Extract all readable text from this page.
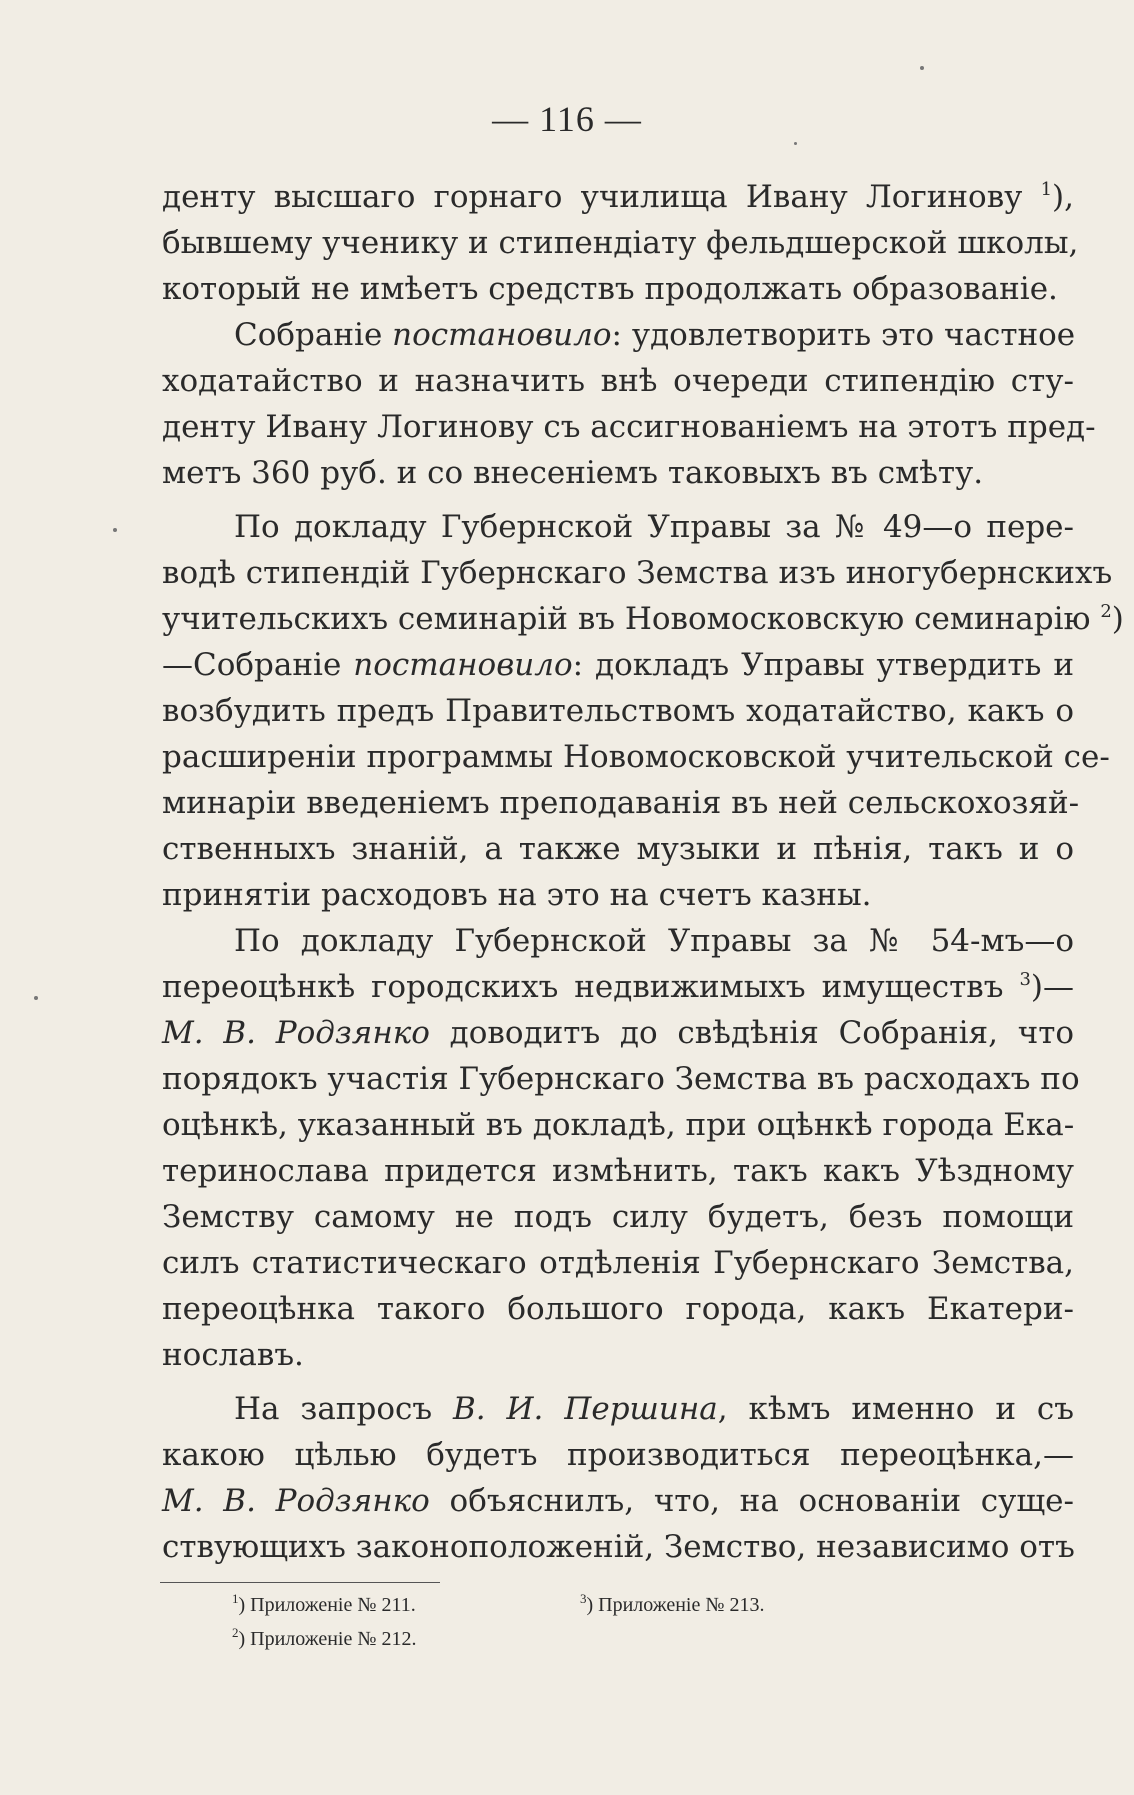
— 116 —
денту высшаго горнаго училища Ивану Логинову $^1$),
бывшему ученику и стипендіату фельдшерской школы,
который не имѣетъ средствъ продолжать образованіе.
Собраніе постановило: удовлетворить это частное
ходатайство и назначить внѣ очереди стипендію сту-
денту Ивану Логинову съ ассигнованіемъ на этотъ пред-
метъ 360 руб. и со внесеніемъ таковыхъ въ смѣту.
По докладу Губернской Управы за № 49—о пере-
водѣ стипендій Губернскаго Земства изъ иногубернскихъ
учительскихъ семинарій въ Новомосковскую семинарію $^2$)
—Собраніе постановило: докладъ Управы утвердить и
возбудить предъ Правительствомъ ходатайство, какъ о
расширеніи программы Новомосковской учительской се-
минаріи введеніемъ преподаванія въ ней сельскохозяй-
ственныхъ знаній, а также музыки и пѣнія, такъ и о
принятіи расходовъ на это на счетъ казны.
По докладу Губернской Управы за № 54-мъ—о
переоцѣнкѣ городскихъ недвижимыхъ имуществъ $^3$)—
М. В. Родзянко доводитъ до свѣдѣнія Собранія, что
порядокъ участія Губернскаго Земства въ расходахъ по
оцѣнкѣ, указанный въ докладѣ, при оцѣнкѣ города Ека-
теринослава придется измѣнить, такъ какъ Уѣздному
Земству самому не подъ силу будетъ, безъ помощи
силъ статистическаго отдѣленія Губернскаго Земства,
переоцѣнка такого большого города, какъ Екатери-
нославъ.
На запросъ В. И. Першина, кѣмъ именно и съ
какою цѣлью будетъ производиться переоцѣнка,—
М. В. Родзянко объяснилъ, что, на основаніи суще-
ствующихъ законоположеній, Земство, независимо отъ
$^1$) Приложеніе № 211.	$^3$) Приложеніе № 213.
$^2$) Приложеніе № 212.
